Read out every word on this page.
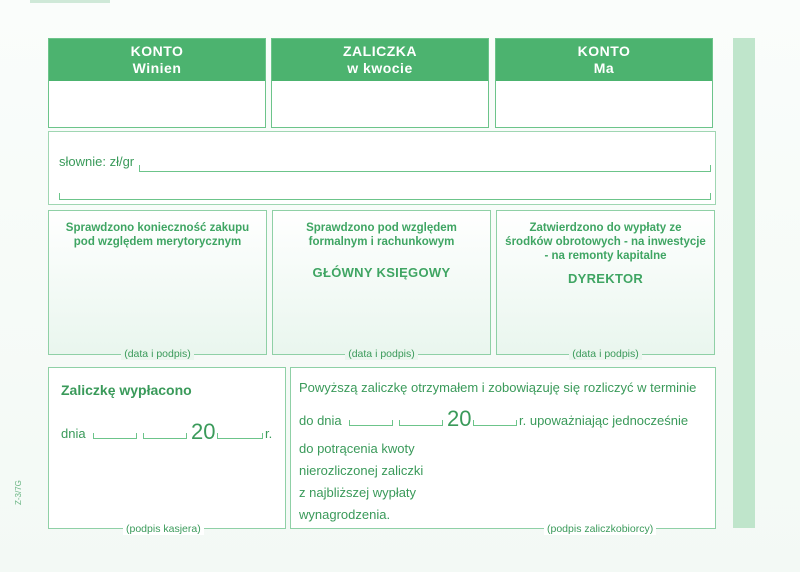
KONTO
Winien
ZALICZKA
w kwocie
KONTO
Ma
słownie: zł/gr
Sprawdzono konieczność zakupu pod względem merytorycznym
(data i podpis)
Sprawdzono pod względem formalnym i rachunkowym
GŁÓWNY KSIĘGOWY
(data i podpis)
Zatwierdzono do wypłaty ze środków obrotowych - na inwestycje - na remonty kapitalne
DYREKTOR
(data i podpis)
Zaliczkę wypłacono
dnia	20	r.
(podpis kasjera)
Powyższą zaliczkę otrzymałem i zobowiązuję się rozliczyć w terminie
do dnia	20	r. upoważniając jednocześnie
do potrącenia kwoty
nierozliczonej zaliczki
z najbliższej wypłaty
wynagrodzenia.
(podpis zaliczkobiorcy)
Z-3/7G
